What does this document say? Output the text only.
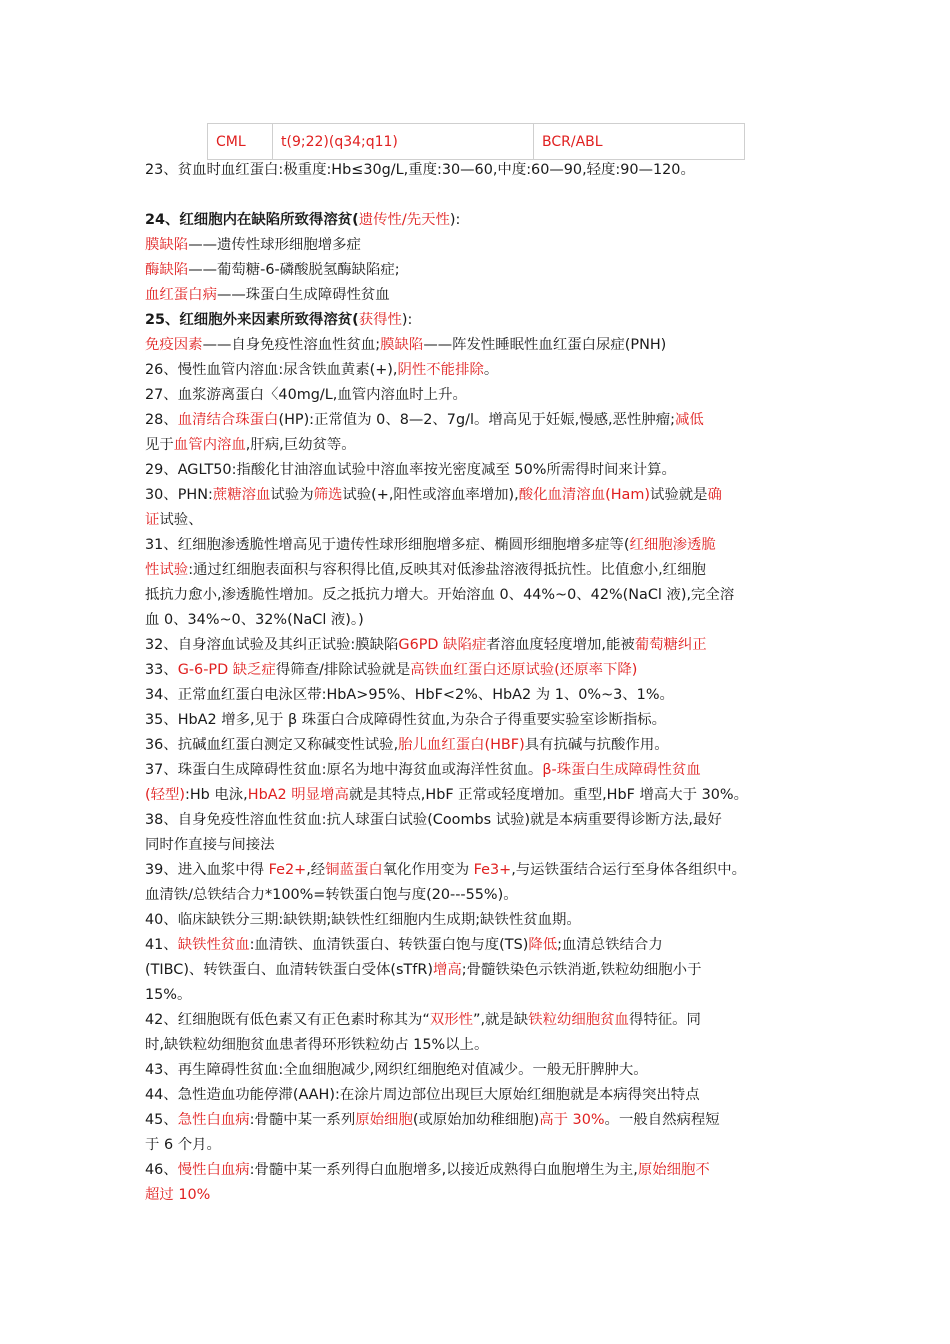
CML	t(9;22)(q34;q11)	BCR/ABL

23、贫血时血红蛋白:极重度:Hb≤30g/L,重度:30—60,中度:60—90,轻度:90—120。

24、红细胞内在缺陷所致得溶贫(遗传性/先天性):

膜缺陷——遗传性球形细胞增多症

酶缺陷——葡萄糖-6-磷酸脱氢酶缺陷症;

血红蛋白病——珠蛋白生成障碍性贫血

25、红细胞外来因素所致得溶贫(获得性):

免疫因素——自身免疫性溶血性贫血;膜缺陷——阵发性睡眠性血红蛋白尿症(PNH)

26、慢性血管内溶血:尿含铁血黄素(+),阴性不能排除。

27、血浆游离蛋白〈40mg/L,血管内溶血时上升。

28、血清结合珠蛋白(HP):正常值为 0、8—2、7g/l。增高见于妊娠,慢感,恶性肿瘤;减低

见于血管内溶血,肝病,巨幼贫等。

29、AGLT50:指酸化甘油溶血试验中溶血率按光密度减至 50%所需得时间来计算。

30、PHN:蔗糖溶血试验为筛选试验(+,阳性或溶血率增加),酸化血清溶血(Ham)试验就是确

证试验、

31、红细胞渗透脆性增高见于遗传性球形细胞增多症、椭圆形细胞增多症等(红细胞渗透脆

性试验:通过红细胞表面积与容积得比值,反映其对低渗盐溶液得抵抗性。比值愈小,红细胞

抵抗力愈小,渗透脆性增加。反之抵抗力增大。开始溶血 0、44%~0、42%(NaCl 液),完全溶

血 0、34%~0、32%(NaCl 液)。)

32、自身溶血试验及其纠正试验:膜缺陷G6PD 缺陷症者溶血度轻度增加,能被葡萄糖纠正

33、G-6-PD 缺乏症得筛查/排除试验就是高铁血红蛋白还原试验(还原率下降)

34、正常血红蛋白电泳区带:HbA>95%、HbF<2%、HbA2 为 1、0%~3、1%。

35、HbA2 增多,见于 β 珠蛋白合成障碍性贫血,为杂合子得重要实验室诊断指标。

36、抗碱血红蛋白测定又称碱变性试验,胎儿血红蛋白(HBF)具有抗碱与抗酸作用。

37、珠蛋白生成障碍性贫血:原名为地中海贫血或海洋性贫血。β-珠蛋白生成障碍性贫血

(轻型):Hb 电泳,HbA2 明显增高就是其特点,HbF 正常或轻度增加。重型,HbF 增高大于 30%。

38、自身免疫性溶血性贫血:抗人球蛋白试验(Coombs 试验)就是本病重要得诊断方法,最好

同时作直接与间接法

39、进入血浆中得 Fe2+,经铜蓝蛋白氧化作用变为 Fe3+,与运铁蛋结合运行至身体各组织中。

血清铁/总铁结合力*100%=转铁蛋白饱与度(20---55%)。

40、临床缺铁分三期:缺铁期;缺铁性红细胞内生成期;缺铁性贫血期。

41、缺铁性贫血:血清铁、血清铁蛋白、转铁蛋白饱与度(TS)降低;血清总铁结合力

(TIBC)、转铁蛋白、血清转铁蛋白受体(sTfR)增高;骨髓铁染色示铁消逝,铁粒幼细胞小于

15%。

42、红细胞既有低色素又有正色素时称其为“双形性”,就是缺铁粒幼细胞贫血得特征。同

时,缺铁粒幼细胞贫血患者得环形铁粒幼占 15%以上。

43、再生障碍性贫血:全血细胞减少,网织红细胞绝对值减少。一般无肝脾肿大。

44、急性造血功能停滞(AAH):在涂片周边部位出现巨大原始红细胞就是本病得突出特点

45、急性白血病:骨髓中某一系列原始细胞(或原始加幼稚细胞)高于 30%。一般自然病程短

于 6 个月。

46、慢性白血病:骨髓中某一系列得白血胞增多,以接近成熟得白血胞增生为主,原始细胞不

超过 10%
